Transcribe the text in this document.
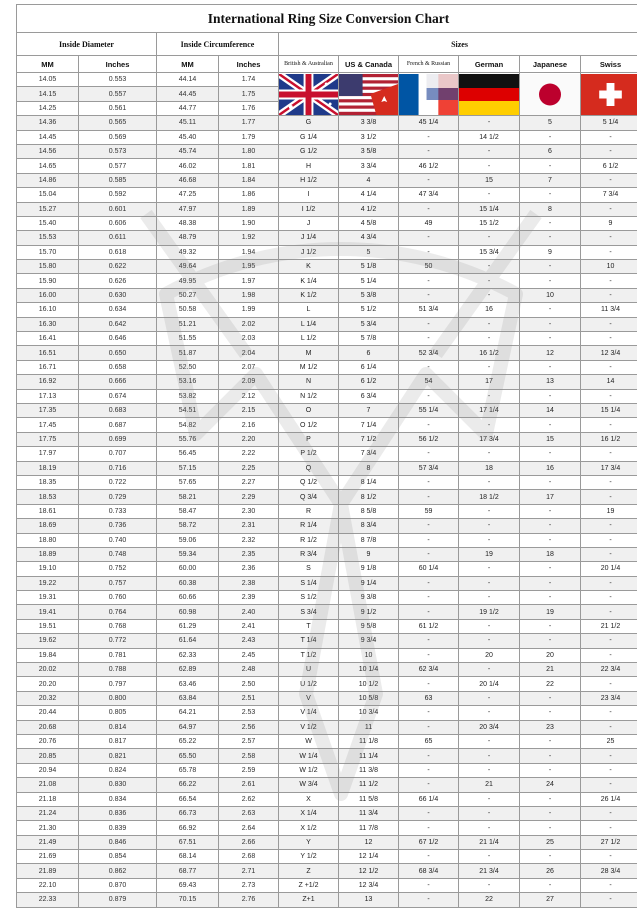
International Ring Size Conversion Chart									
Inside Diameter		Inside Circumference		Sizes					
MM	Inches	MM	Inches	British & Australian	US & Canada	French & Russian	German	Japanese	Swiss
14.05	0.553	44.14	1.74	

14.15	0.557	44.45	1.75						
14.25	0.561	44.77	1.76						
14.36	0.565	45.11	1.77	G	3 3/8	45 1/4	-	5	5 1/4
14.45	0.569	45.40	1.79	G 1/4	3 1/2	-	14 1/2	-	-
14.56	0.573	45.74	1.80	G 1/2	3 5/8	-	-	6	-
14.65	0.577	46.02	1.81	H	3 3/4	46 1/2	-	-	6 1/2
14.86	0.585	46.68	1.84	H 1/2	4	-	15	7	-
15.04	0.592	47.25	1.86	I	4 1/4	47 3/4	-	-	7 3/4
15.27	0.601	47.97	1.89	I 1/2	4 1/2	-	15 1/4	8	-
15.40	0.606	48.38	1.90	J	4 5/8	49	15 1/2	-	9
15.53	0.611	48.79	1.92	J 1/4	4 3/4	-	-	-	-
15.70	0.618	49.32	1.94	J 1/2	5	-	15 3/4	9	-
15.80	0.622	49.64	1.95	K	5 1/8	50	-	-	10
15.90	0.626	49.95	1.97	K 1/4	5 1/4	-	-	-	-
16.00	0.630	50.27	1.98	K 1/2	5 3/8	-	-	10	-
16.10	0.634	50.58	1.99	L	5 1/2	51 3/4	16	-	11 3/4
16.30	0.642	51.21	2.02	L 1/4	5 3/4	-	-	-	-
16.41	0.646	51.55	2.03	L 1/2	5 7/8	-	-	-	-
16.51	0.650	51.87	2.04	M	6	52 3/4	16 1/2	12	12 3/4
16.71	0.658	52.50	2.07	M 1/2	6 1/4	-	-	-	-
16.92	0.666	53.16	2.09	N	6 1/2	54	17	13	14
17.13	0.674	53.82	2.12	N 1/2	6 3/4	-	-	-	-
17.35	0.683	54.51	2.15	O	7	55 1/4	17 1/4	14	15 1/4
17.45	0.687	54.82	2.16	O 1/2	7 1/4	-	-	-	-
17.75	0.699	55.76	2.20	P	7 1/2	56 1/2	17 3/4	15	16 1/2
17.97	0.707	56.45	2.22	P 1/2	7 3/4	-	-	-	-
18.19	0.716	57.15	2.25	Q	8	57 3/4	18	16	17 3/4
18.35	0.722	57.65	2.27	Q 1/2	8 1/4	-	-	-	-
18.53	0.729	58.21	2.29	Q 3/4	8 1/2	-	18 1/2	17	-
18.61	0.733	58.47	2.30	R	8 5/8	59	-	-	19
18.69	0.736	58.72	2.31	R 1/4	8 3/4	-	-	-	-
18.80	0.740	59.06	2.32	R 1/2	8 7/8	-	-	-	-
18.89	0.748	59.34	2.35	R 3/4	9	-	19	18	-
19.10	0.752	60.00	2.36	S	9 1/8	60 1/4	-	-	20 1/4
19.22	0.757	60.38	2.38	S 1/4	9 1/4	-	-	-	-
19.31	0.760	60.66	2.39	S 1/2	9 3/8	-	-	-	-
19.41	0.764	60.98	2.40	S 3/4	9 1/2	-	19 1/2	19	-
19.51	0.768	61.29	2.41	T	9 5/8	61 1/2	-	-	21 1/2
19.62	0.772	61.64	2.43	T 1/4	9 3/4	-	-	-	-
19.84	0.781	62.33	2.45	T 1/2	10	-	20	20	-
20.02	0.788	62.89	2.48	U	10 1/4	62 3/4	-	21	22 3/4
20.20	0.797	63.46	2.50	U 1/2	10 1/2	-	20 1/4	22	-
20.32	0.800	63.84	2.51	V	10 5/8	63	-	-	23 3/4
20.44	0.805	64.21	2.53	V 1/4	10 3/4	-	-	-	-
20.68	0.814	64.97	2.56	V 1/2	11	-	20 3/4	23	-
20.76	0.817	65.22	2.57	W	11 1/8	65	-	-	25
20.85	0.821	65.50	2.58	W 1/4	11 1/4	-	-	-	-
20.94	0.824	65.78	2.59	W 1/2	11 3/8	-	-	-	-
21.08	0.830	66.22	2.61	W 3/4	11 1/2	-	21	24	-
21.18	0.834	66.54	2.62	X	11 5/8	66 1/4	-	-	26 1/4
21.24	0.836	66.73	2.63	X 1/4	11 3/4	-	-	-	-
21.30	0.839	66.92	2.64	X 1/2	11 7/8	-	-	-	-
21.49	0.846	67.51	2.66	Y	12	67 1/2	21 1/4	25	27 1/2
21.69	0.854	68.14	2.68	Y 1/2	12 1/4	-	-	-	-
21.89	0.862	68.77	2.71	Z	12 1/2	68 3/4	21 3/4	26	28 3/4
22.10	0.870	69.43	2.73	Z +1/2	12 3/4	-	-	-	-
22.33	0.879	70.15	2.76	Z+1	13	-	22	27	-
